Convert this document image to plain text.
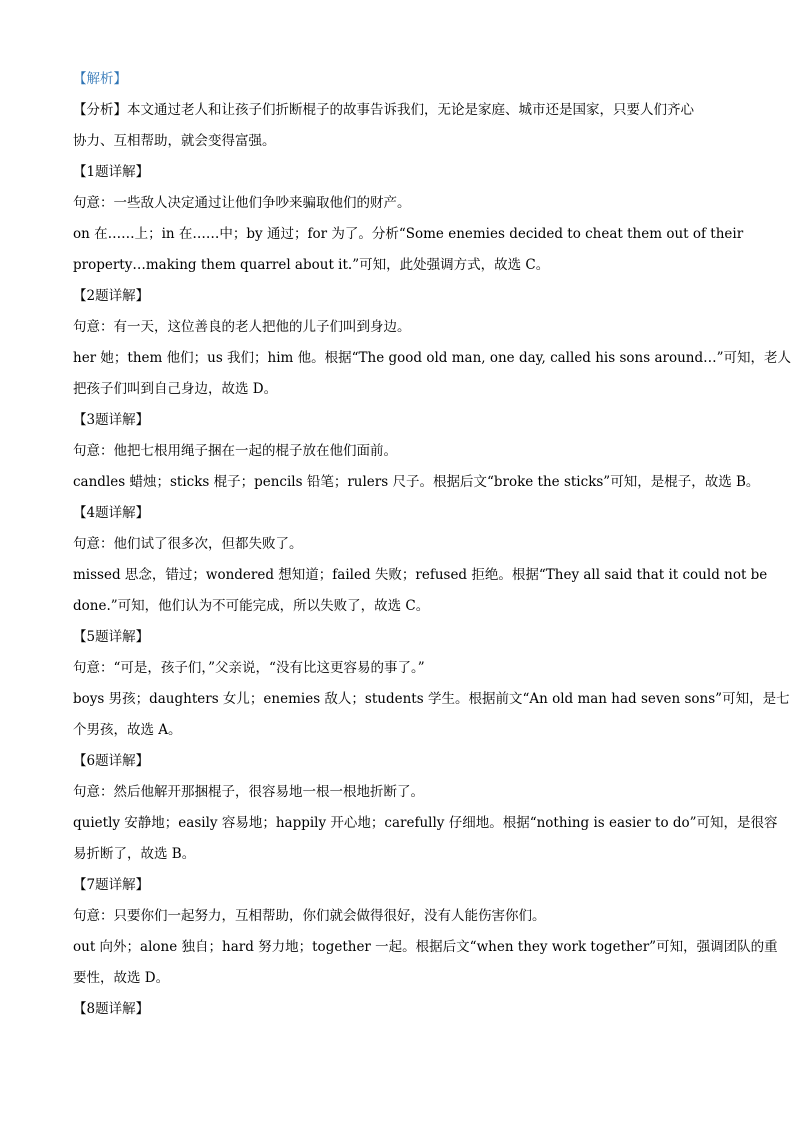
【解析】
【分析】本文通过老人和让孩子们折断棍子的故事告诉我们，无论是家庭、城市还是国家，只要人们齐心
协力、互相帮助，就会变得富强。
【1题详解】
句意：一些敌人决定通过让他们争吵来骗取他们的财产。
on 在……上；in 在……中；by 通过；for 为了。分析“Some enemies decided to cheat them out of their
property…making them quarrel about it.”可知，此处强调方式，故选 C。
【2题详解】
句意：有一天，这位善良的老人把他的儿子们叫到身边。
her 她；them 他们；us 我们；him 他。根据“The good old man, one day, called his sons around…”可知，老人
把孩子们叫到自己身边，故选 D。
【3题详解】
句意：他把七根用绳子捆在一起的棍子放在他们面前。
candles 蜡烛；sticks 棍子；pencils 铅笔；rulers 尺子。根据后文“broke the sticks”可知，是棍子，故选 B。
【4题详解】
句意：他们试了很多次，但都失败了。
missed 思念，错过；wondered 想知道；failed 失败；refused 拒绝。根据“They all said that it could not be
done.”可知，他们认为不可能完成，所以失败了，故选 C。
【5题详解】
句意：“可是，孩子们，”父亲说，“没有比这更容易的事了。”
boys 男孩；daughters 女儿；enemies 敌人；students 学生。根据前文“An old man had seven sons”可知，是七
个男孩，故选 A。
【6题详解】
句意：然后他解开那捆棍子，很容易地一根一根地折断了。
quietly 安静地；easily 容易地；happily 开心地；carefully 仔细地。根据“nothing is easier to do”可知，是很容
易折断了，故选 B。
【7题详解】
句意：只要你们一起努力，互相帮助，你们就会做得很好，没有人能伤害你们。
out 向外；alone 独自；hard 努力地；together 一起。根据后文“when they work together”可知，强调团队的重
要性，故选 D。
【8题详解】
